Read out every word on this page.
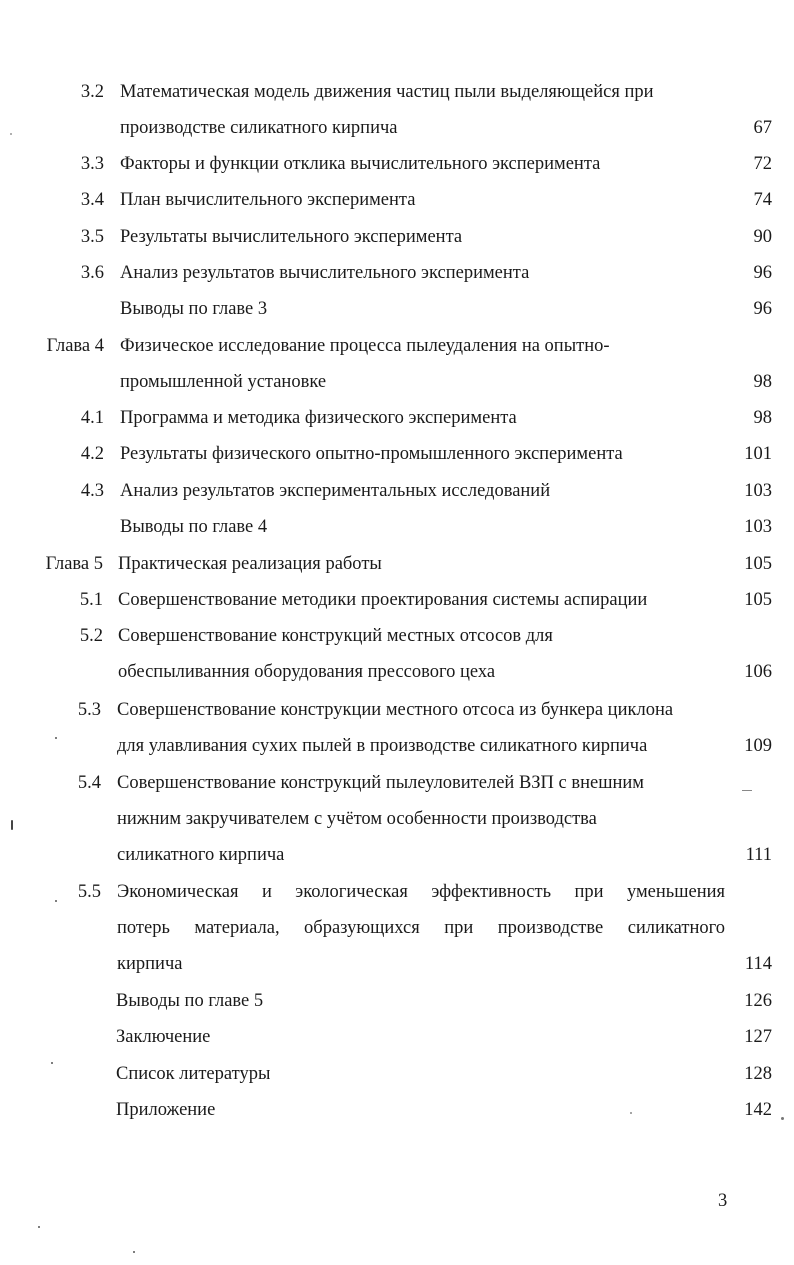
3.2 Математическая модель движения частиц пыли выделяющейся при
производстве силикатного кирпича	67
3.3 Факторы и функции отклика вычислительного эксперимента	72
3.4 План вычислительного эксперимента	74
3.5 Результаты вычислительного эксперимента	90
3.6 Анализ результатов вычислительного эксперимента	96
Выводы по главе 3	96
Глава 4 Физическое исследование процесса пылеудаления на опытно-
промышленной установке	98
4.1 Программа и методика физического эксперимента	98
4.2 Результаты физического опытно-промышленного эксперимента	101
4.3 Анализ результатов экспериментальных исследований	103
Выводы по главе 4	103
Глава 5 Практическая реализация работы	105
5.1 Совершенствование методики проектирования системы аспирации	105
5.2 Совершенствование конструкций местных отсосов для
обеспыливанния оборудования прессового цеха	106
5.3 Совершенствование конструкции местного отсоса из бункера циклона
для улавливания сухих пылей в производстве силикатного кирпича	109
5.4 Совершенствование конструкций пылеуловителей ВЗП с внешним
нижним закручивателем с учётом особенности производства
силикатного кирпича	111
5.5 Экономическая и экологическая эффективность при уменьшения
потерь материала, образующихся при производстве силикатного
кирпича	114
Выводы по главе 5	126
Заключение	127
Список литературы	128
Приложение	142
3
